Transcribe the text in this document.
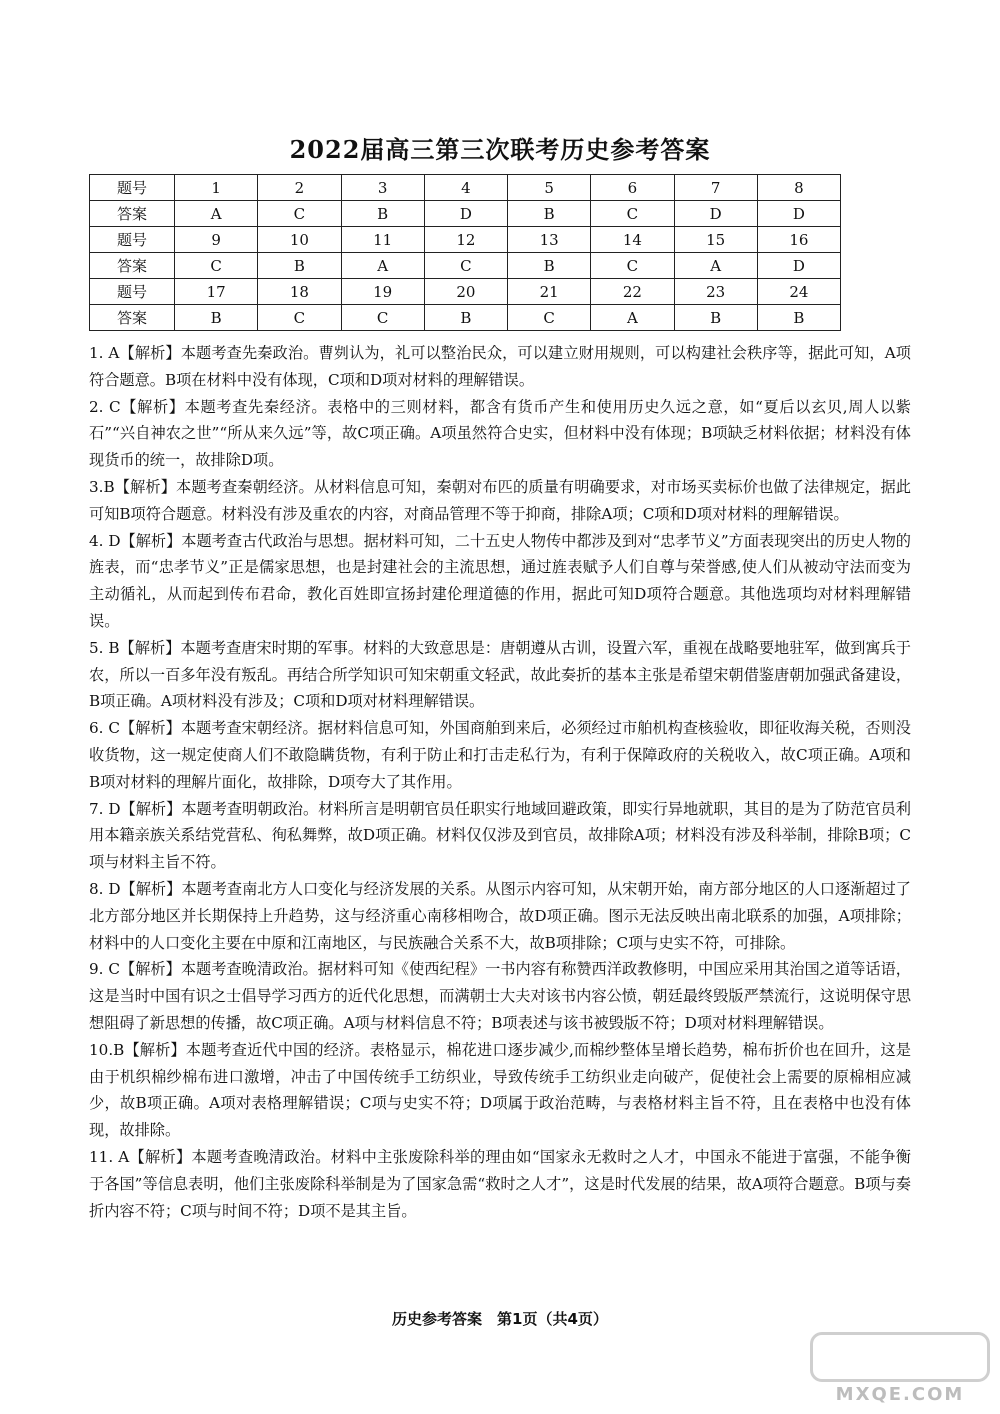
2022届高三第三次联考历史参考答案
题号	1	2	3	4	5	6	7	8
答案	A	C	B	D	B	C	D	D
题号	9	10	11	12	13	14	15	16
答案	C	B	A	C	B	C	A	D
题号	17	18	19	20	21	22	23	24
答案	B	C	C	B	C	A	B	B

1. A【解析】本题考查先秦政治。曹刿认为，礼可以整治民众，可以建立财用规则，可以构建社会秩序等，据此可知，A项符合题意。B项在材料中没有体现，C项和D项对材料的理解错误。

2. C【解析】本题考查先秦经济。表格中的三则材料，都含有货币产生和使用历史久远之意，如“夏后以玄贝,周人以紫石”“兴自神农之世”“所从来久远”等，故C项正确。A项虽然符合史实，但材料中没有体现；B项缺乏材料依据；材料没有体现货币的统一，故排除D项。

3.B【解析】本题考查秦朝经济。从材料信息可知，秦朝对布匹的质量有明确要求，对市场买卖标价也做了法律规定，据此可知B项符合题意。材料没有涉及重农的内容，对商品管理不等于抑商，排除A项；C项和D项对材料的理解错误。

4. D【解析】本题考查古代政治与思想。据材料可知，二十五史人物传中都涉及到对“忠孝节义”方面表现突出的历史人物的旌表，而“忠孝节义”正是儒家思想，也是封建社会的主流思想，通过旌表赋予人们自尊与荣誉感,使人们从被动守法而变为主动循礼，从而起到传布君命，教化百姓即宣扬封建伦理道德的作用，据此可知D项符合题意。其他选项均对材料理解错误。

5. B【解析】本题考查唐宋时期的军事。材料的大致意思是：唐朝遵从古训，设置六军，重视在战略要地驻军，做到寓兵于农，所以一百多年没有叛乱。再结合所学知识可知宋朝重文轻武，故此奏折的基本主张是希望宋朝借鉴唐朝加强武备建设，B项正确。A项材料没有涉及；C项和D项对材料理解错误。

6. C【解析】本题考查宋朝经济。据材料信息可知，外国商舶到来后，必须经过市舶机构查核验收，即征收海关税，否则没收货物，这一规定使商人们不敢隐瞒货物，有利于防止和打击走私行为，有利于保障政府的关税收入，故C项正确。A项和B项对材料的理解片面化，故排除，D项夸大了其作用。

7. D【解析】本题考查明朝政治。材料所言是明朝官员任职实行地域回避政策，即实行异地就职，其目的是为了防范官员利用本籍亲族关系结党营私、徇私舞弊，故D项正确。材料仅仅涉及到官员，故排除A项；材料没有涉及科举制，排除B项；C项与材料主旨不符。

8. D【解析】本题考查南北方人口变化与经济发展的关系。从图示内容可知，从宋朝开始，南方部分地区的人口逐渐超过了北方部分地区并长期保持上升趋势，这与经济重心南移相吻合，故D项正确。图示无法反映出南北联系的加强，A项排除；材料中的人口变化主要在中原和江南地区，与民族融合关系不大，故B项排除；C项与史实不符，可排除。

9. C【解析】本题考查晚清政治。据材料可知《使西纪程》一书内容有称赞西洋政教修明，中国应采用其治国之道等话语，这是当时中国有识之士倡导学习西方的近代化思想，而满朝士大夫对该书内容公愤，朝廷最终毁版严禁流行，这说明保守思想阻碍了新思想的传播，故C项正确。A项与材料信息不符；B项表述与该书被毁版不符；D项对材料理解错误。

10.B【解析】本题考查近代中国的经济。表格显示，棉花进口逐步减少,而棉纱整体呈增长趋势，棉布折价也在回升，这是由于机织棉纱棉布进口激增，冲击了中国传统手工纺织业，导致传统手工纺织业走向破产，促使社会上需要的原棉相应减少，故B项正确。A项对表格理解错误；C项与史实不符；D项属于政治范畴，与表格材料主旨不符，且在表格中也没有体现，故排除。

11. A【解析】本题考查晚清政治。材料中主张废除科举的理由如“国家永无救时之人才，中国永不能进于富强，不能争衡于各国”等信息表明，他们主张废除科举制是为了国家急需“救时之人才”，这是时代发展的结果，故A项符合题意。B项与奏折内容不符；C项与时间不符；D项不是其主旨。

历史参考答案　第1页（共4页）
MXQE.COM
